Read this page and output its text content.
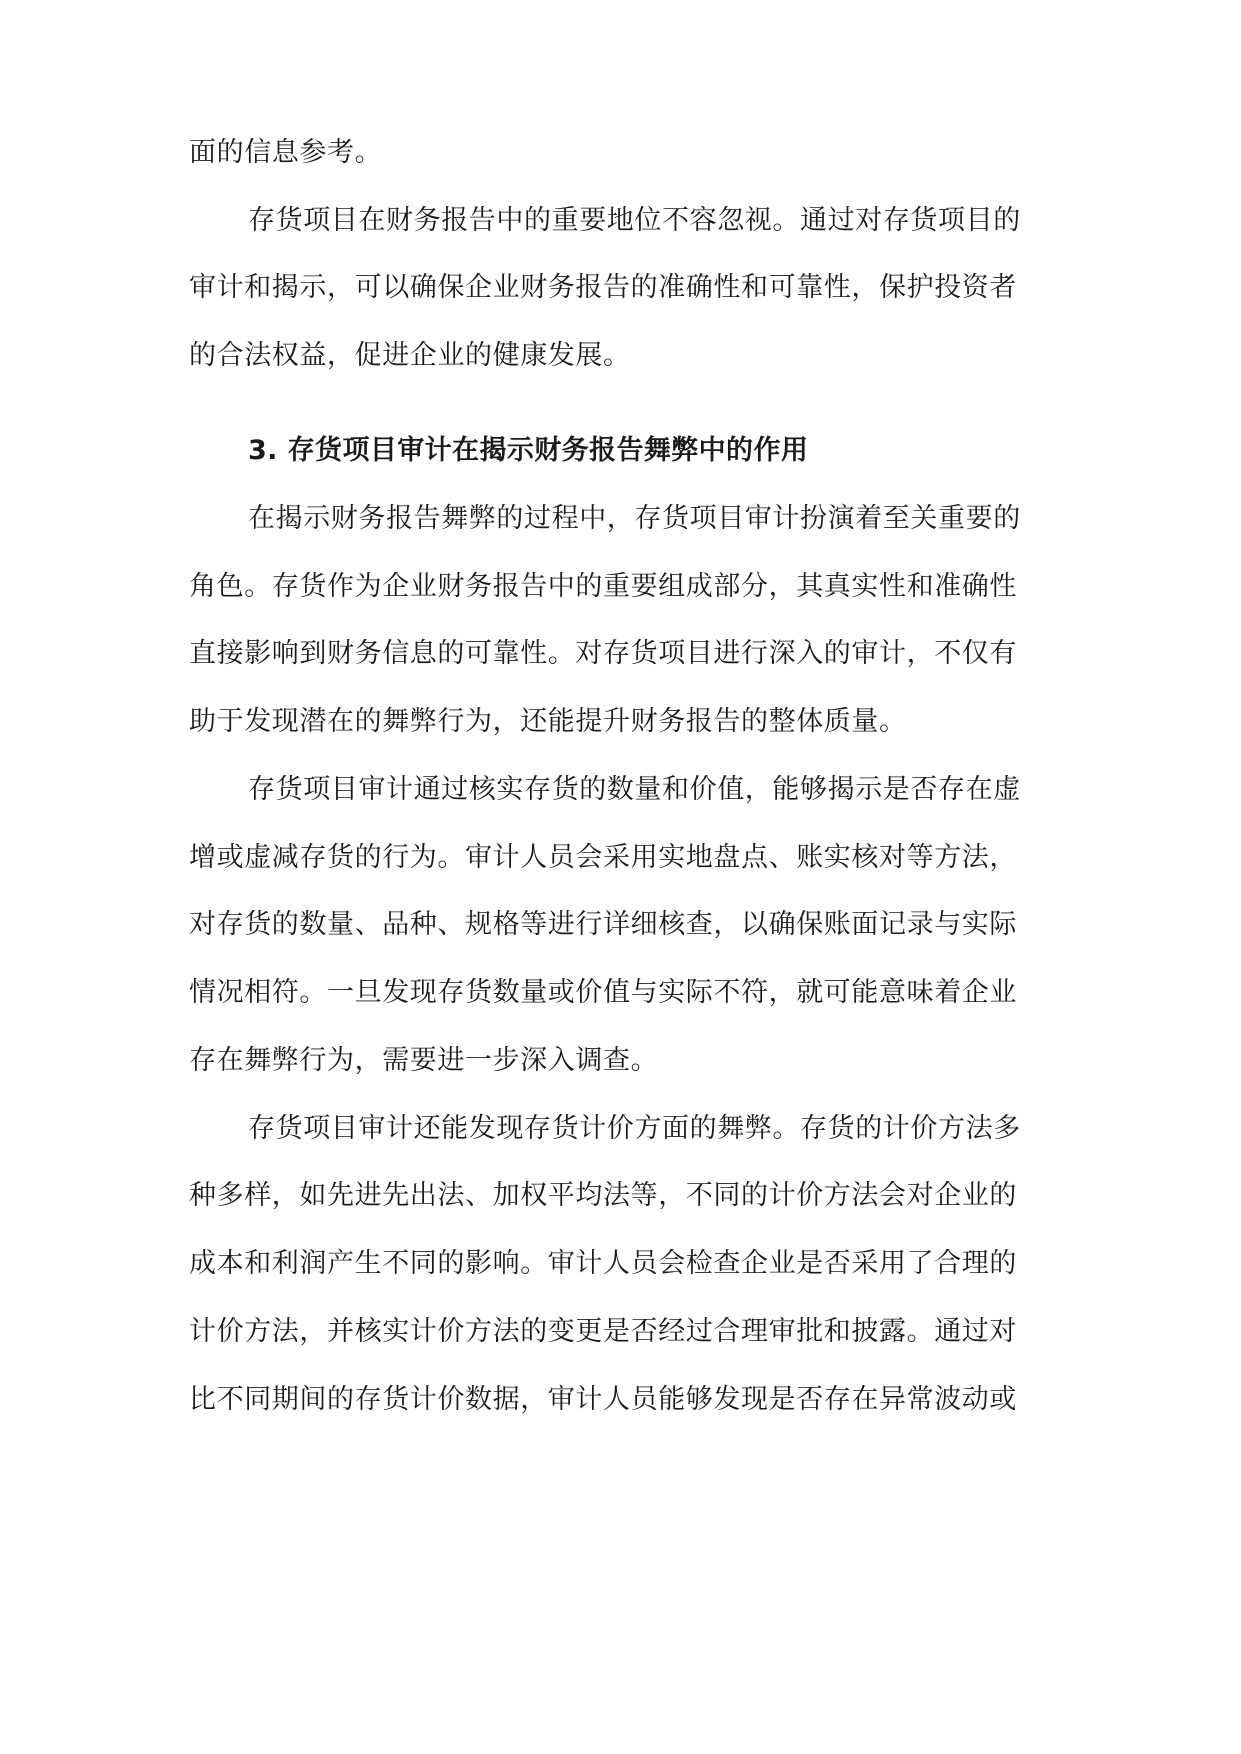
面的信息参考。
存货项目在财务报告中的重要地位不容忽视。通过对存货项目的
审计和揭示，可以确保企业财务报告的准确性和可靠性，保护投资者
的合法权益，促进企业的健康发展。
3. 存货项目审计在揭示财务报告舞弊中的作用
在揭示财务报告舞弊的过程中，存货项目审计扮演着至关重要的
角色。存货作为企业财务报告中的重要组成部分，其真实性和准确性
直接影响到财务信息的可靠性。对存货项目进行深入的审计，不仅有
助于发现潜在的舞弊行为，还能提升财务报告的整体质量。
存货项目审计通过核实存货的数量和价值，能够揭示是否存在虚
增或虚减存货的行为。审计人员会采用实地盘点、账实核对等方法，
对存货的数量、品种、规格等进行详细核查，以确保账面记录与实际
情况相符。一旦发现存货数量或价值与实际不符，就可能意味着企业
存在舞弊行为，需要进一步深入调查。
存货项目审计还能发现存货计价方面的舞弊。存货的计价方法多
种多样，如先进先出法、加权平均法等，不同的计价方法会对企业的
成本和利润产生不同的影响。审计人员会检查企业是否采用了合理的
计价方法，并核实计价方法的变更是否经过合理审批和披露。通过对
比不同期间的存货计价数据，审计人员能够发现是否存在异常波动或
